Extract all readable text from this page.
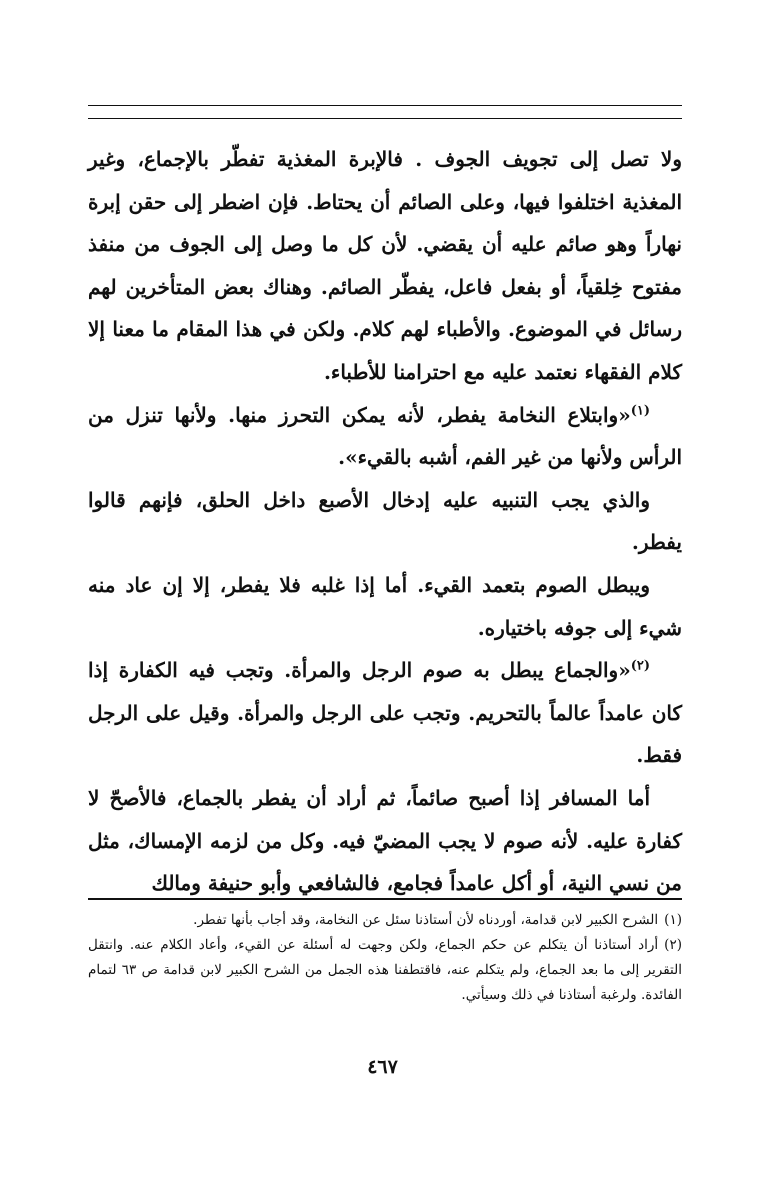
ولا تصل إلى تجويف الجوف . فالإبرة المغذية تفطّر بالإجماع، وغير المغذية اختلفوا فيها، وعلى الصائم أن يحتاط. فإن اضطر إلى حقن إبرة نهاراً وهو صائم عليه أن يقضي. لأن كل ما وصل إلى الجوف من منفذ مفتوح خِلقياً، أو بفعل فاعل، يفطّر الصائم. وهناك بعض المتأخرين لهم رسائل في الموضوع. والأطباء لهم كلام. ولكن في هذا المقام ما معنا إلا كلام الفقهاء نعتمد عليه مع احترامنا للأطباء.

$^{(١)}$«وابتلاع النخامة يفطر، لأنه يمكن التحرز منها. ولأنها تنزل من الرأس ولأنها من غير الفم، أشبه بالقيء».

والذي يجب التنبيه عليه إدخال الأصبع داخل الحلق، فإنهم قالوا يفطر.

ويبطل الصوم بتعمد القيء. أما إذا غلبه فلا يفطر، إلا إن عاد منه شيء إلى جوفه باختياره.

$^{(٢)}$«والجماع يبطل به صوم الرجل والمرأة. وتجب فيه الكفارة إذا كان عامداً عالماً بالتحريم. وتجب على الرجل والمرأة. وقيل على الرجل فقط.

أما المسافر إذا أصبح صائماً، ثم أراد أن يفطر بالجماع، فالأصحّ لا كفارة عليه. لأنه صوم لا يجب المضيّ فيه. وكل من لزمه الإمساك، مثل من نسي النية، أو أكل عامداً فجامع، فالشافعي وأبو حنيفة ومالك

(١)الشرح الكبير لابن قدامة، أوردناه لأن أستاذنا سئل عن النخامة، وقد أجاب بأنها تفطر.

(٢)أراد أستاذنا أن يتكلم عن حكم الجماع، ولكن وجهت له أسئلة عن القيء، وأعاد الكلام عنه. وانتقل التقرير إلى ما بعد الجماع، ولم يتكلم عنه، فاقتطفنا هذه الجمل من الشرح الكبير لابن قدامة ص ٦٣ لتمام الفائدة. ولرغبة أستاذنا في ذلك وسيأتي.

٤٦٧
